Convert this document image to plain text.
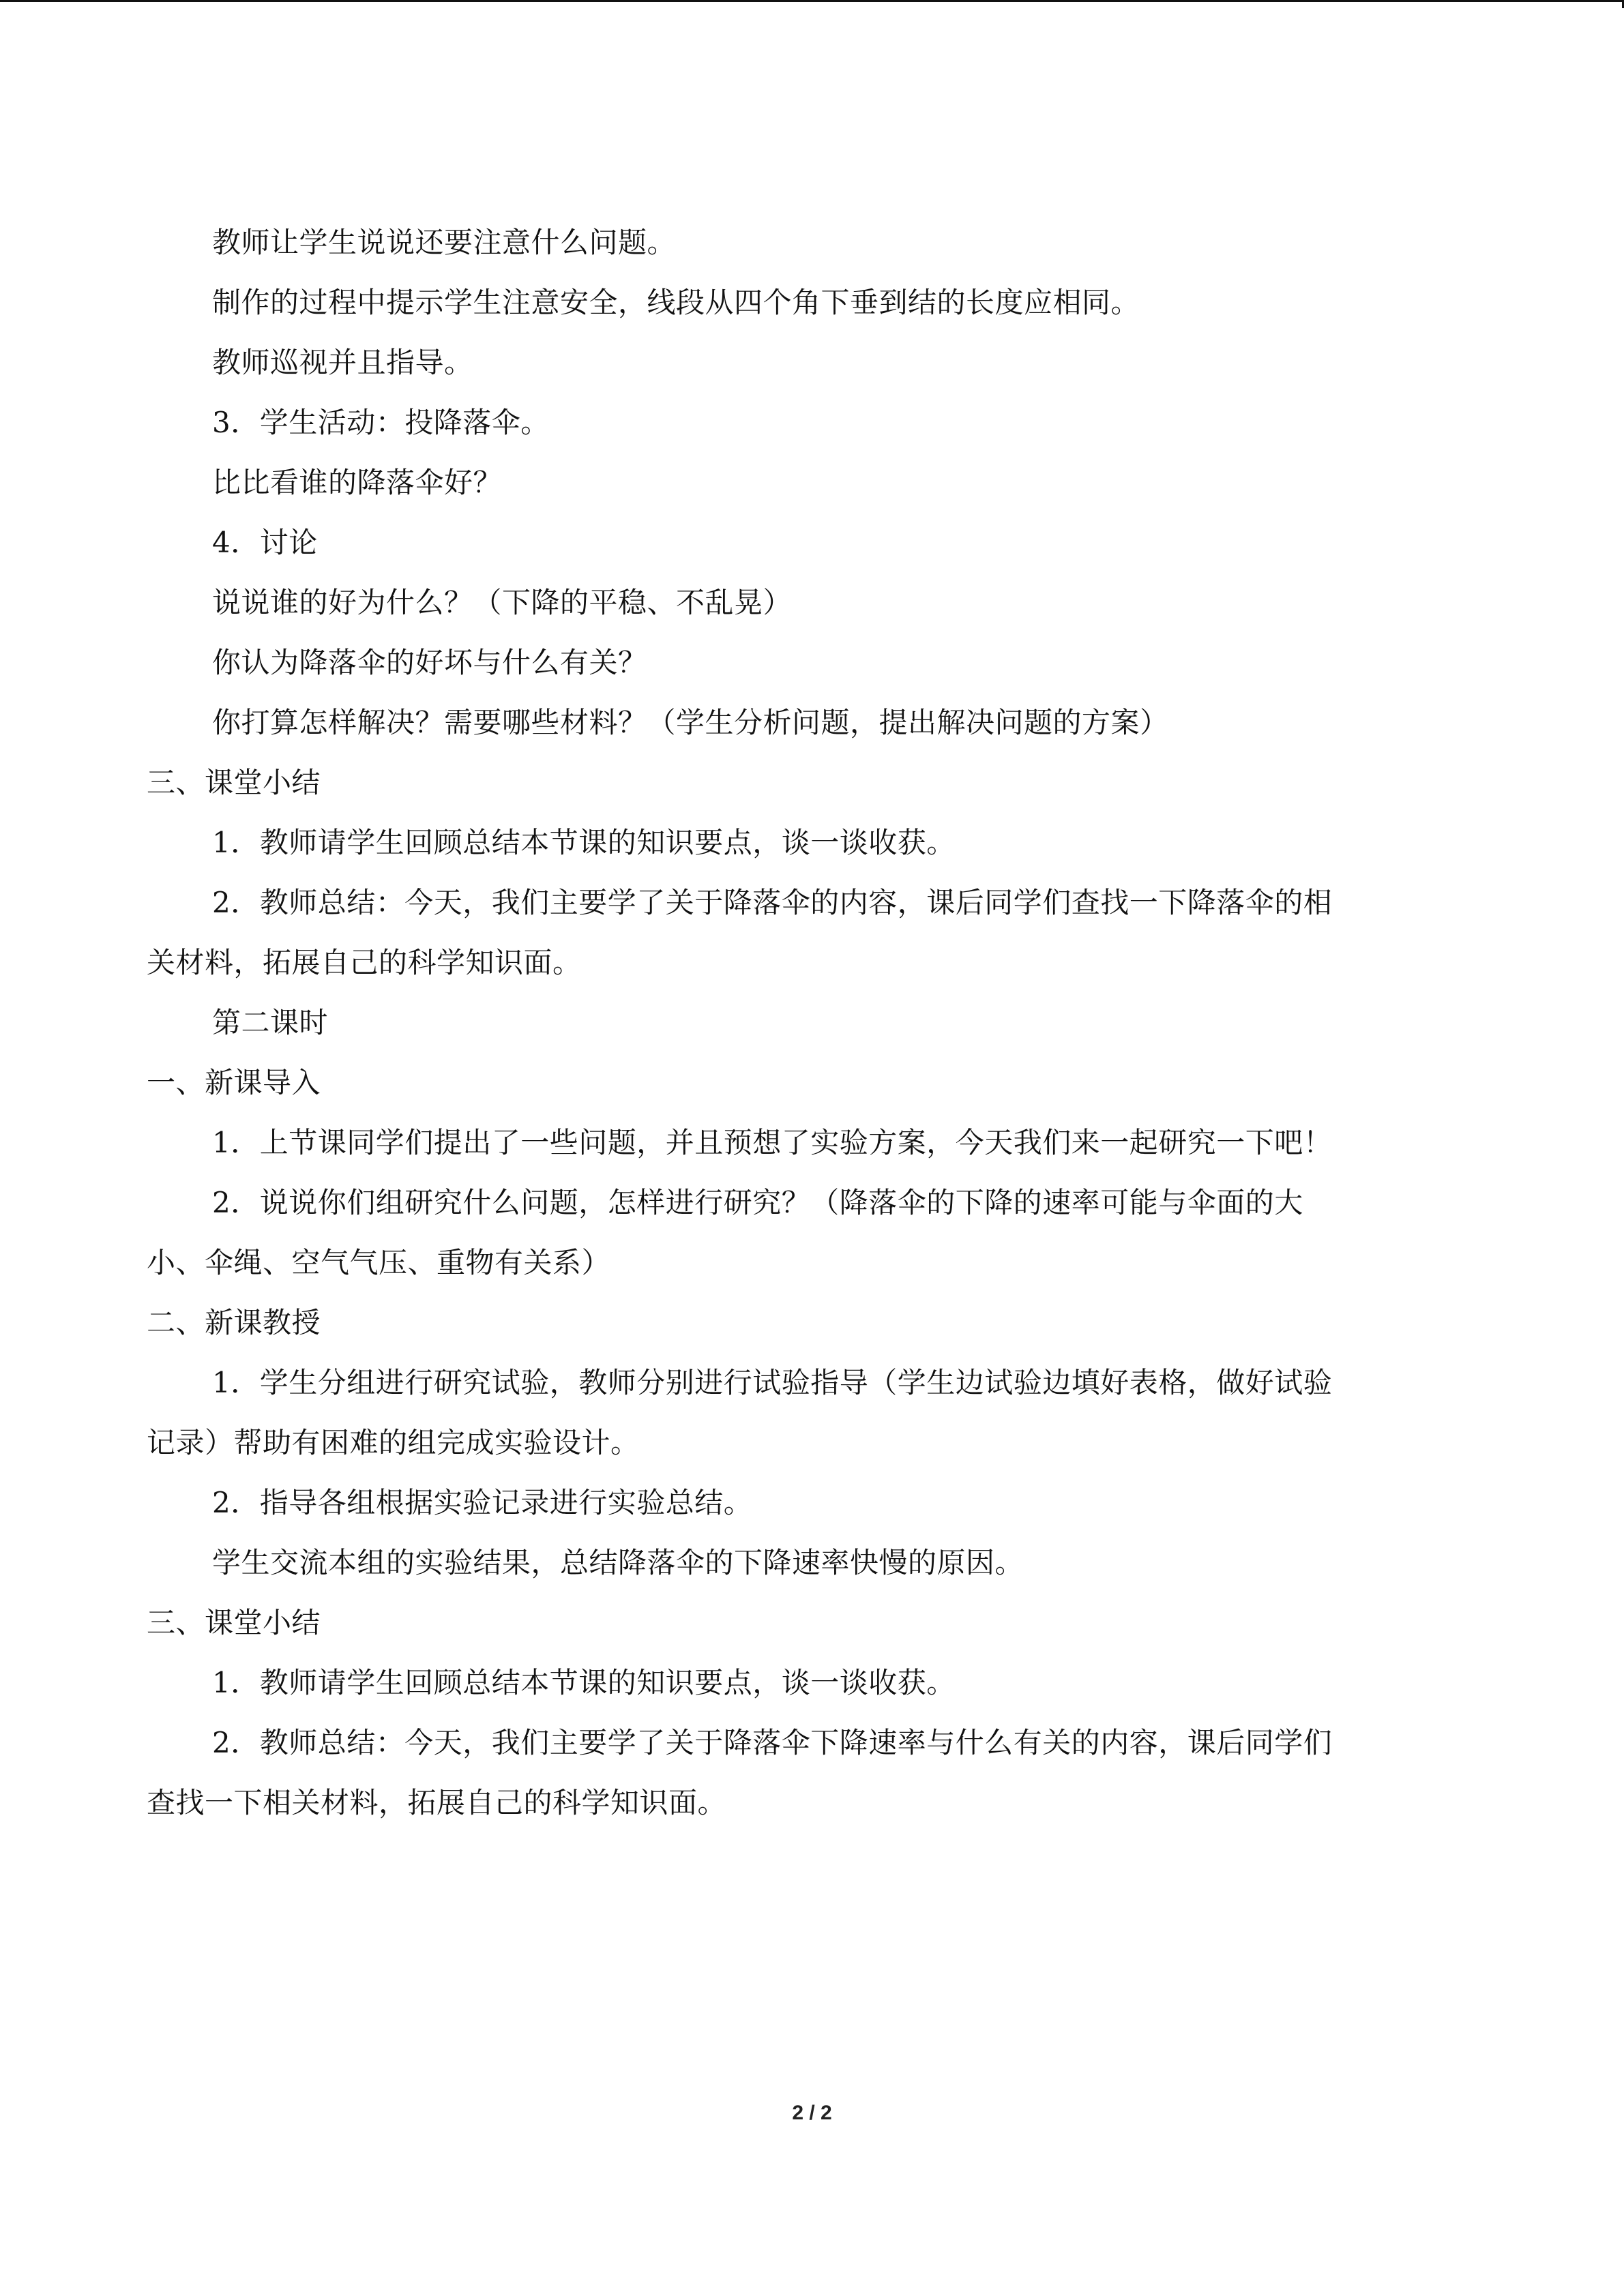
教师让学生说说还要注意什么问题。
制作的过程中提示学生注意安全，线段从四个角下垂到结的长度应相同。
教师巡视并且指导。
3．学生活动：投降落伞。
比比看谁的降落伞好？
4．讨论
说说谁的好为什么？（下降的平稳、不乱晃）
你认为降落伞的好坏与什么有关？
你打算怎样解决？需要哪些材料？（学生分析问题，提出解决问题的方案）
三、课堂小结
1．教师请学生回顾总结本节课的知识要点，谈一谈收获。
2．教师总结：今天，我们主要学了关于降落伞的内容，课后同学们查找一下降落伞的相
关材料，拓展自己的科学知识面。
第二课时
一、新课导入
1．上节课同学们提出了一些问题，并且预想了实验方案，今天我们来一起研究一下吧！
2．说说你们组研究什么问题，怎样进行研究？（降落伞的下降的速率可能与伞面的大
小、伞绳、空气气压、重物有关系）
二、新课教授
1．学生分组进行研究试验，教师分别进行试验指导（学生边试验边填好表格，做好试验
记录）帮助有困难的组完成实验设计。
2．指导各组根据实验记录进行实验总结。
学生交流本组的实验结果，总结降落伞的下降速率快慢的原因。
三、课堂小结
1．教师请学生回顾总结本节课的知识要点，谈一谈收获。
2．教师总结：今天，我们主要学了关于降落伞下降速率与什么有关的内容，课后同学们
查找一下相关材料，拓展自己的科学知识面。
2 / 2
